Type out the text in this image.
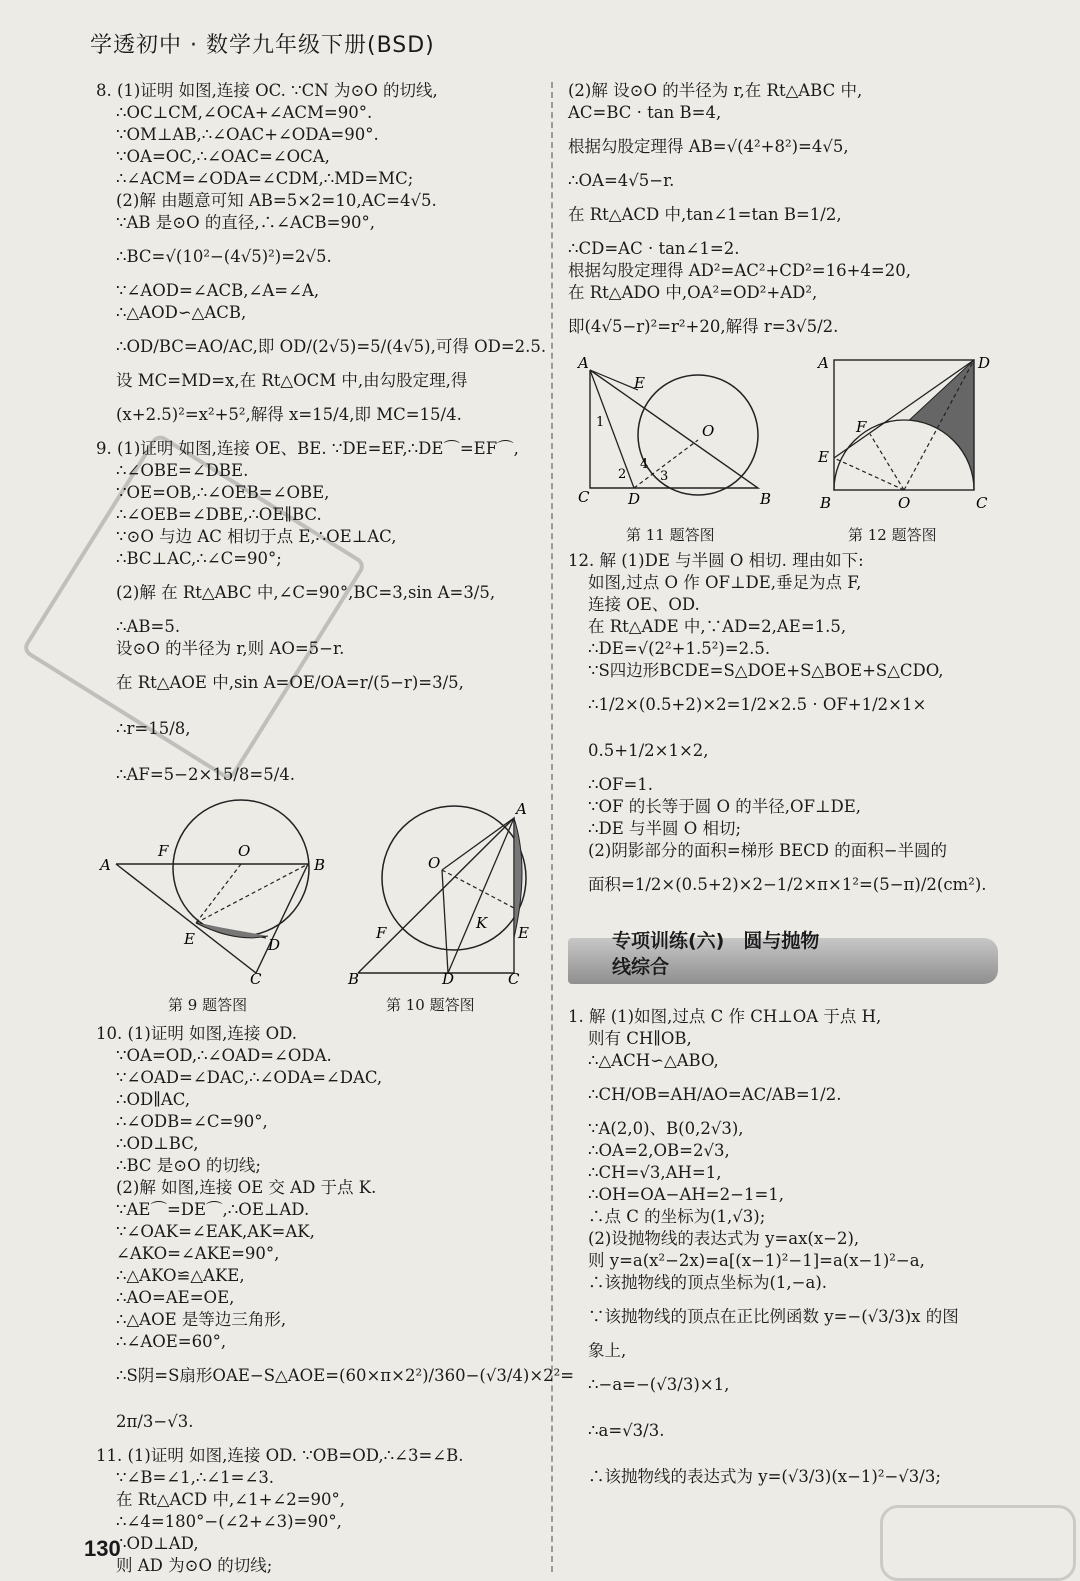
学透初中 · 数学九年级下册(BSD)
8. (1)证明 如图,连接 OC. ∵CN 为⊙O 的切线,
∴OC⊥CM,∠OCA+∠ACM=90°.
∵OM⊥AB,∴∠OAC+∠ODA=90°.
∵OA=OC,∴∠OAC=∠OCA,
∴∠ACM=∠ODA=∠CDM,∴MD=MC;
(2)解 由题意可知 AB=5×2=10,AC=4√5.
∵AB 是⊙O 的直径,∴∠ACB=90°,
∴BC=√(10²−(4√5)²)=2√5.
∵∠AOD=∠ACB,∠A=∠A,
∴△AOD∽△ACB,
∴OD/BC=AO/AC,即 OD/(2√5)=5/(4√5),可得 OD=2.5.
设 MC=MD=x,在 Rt△OCM 中,由勾股定理,得
(x+2.5)²=x²+5²,解得 x=15/4,即 MC=15/4.
9. (1)证明 如图,连接 OE、BE. ∵DE=EF,∴DE⌒=EF⌒,
∴∠OBE=∠DBE.
∵OE=OB,∴∠OEB=∠OBE,
∴∠OEB=∠DBE,∴OE∥BC.
∵⊙O 与边 AC 相切于点 E,∴OE⊥AC,
∴BC⊥AC,∴∠C=90°;
(2)解 在 Rt△ABC 中,∠C=90°,BC=3,sin A=3/5,
∴AB=5.
设⊙O 的半径为 r,则 AO=5−r.
在 Rt△AOE 中,sin A=OE/OA=r/(5−r)=3/5,
∴r=15/8,
∴AF=5−2×15/8=5/4.
A
F	O
B
E	D
C
A
O
F
K
E
B	D	C
第 9 题答图	第 10 题答图
10. (1)证明 如图,连接 OD.
∵OA=OD,∴∠OAD=∠ODA.
∵∠OAD=∠DAC,∴∠ODA=∠DAC,
∴OD∥AC,
∴∠ODB=∠C=90°,
∴OD⊥BC,
∴BC 是⊙O 的切线;
(2)解 如图,连接 OE 交 AD 于点 K.
∵AE⌒=DE⌒,∴OE⊥AD.
∵∠OAK=∠EAK,AK=AK,
∠AKO=∠AKE=90°,
∴△AKO≌△AKE,
∴AO=AE=OE,
∴△AOE 是等边三角形,
∴∠AOE=60°,
∴S阴=S扇形OAE−S△AOE=(60×π×2²)/360−(√3/4)×2²=
2π/3−√3.
11. (1)证明 如图,连接 OD. ∵OB=OD,∴∠3=∠B.
∵∠B=∠1,∴∠1=∠3.
在 Rt△ACD 中,∠1+∠2=90°,
∴∠4=180°−(∠2+∠3)=90°,
∴OD⊥AD,
则 AD 为⊙O 的切线;
(2)解 设⊙O 的半径为 r,在 Rt△ABC 中,
AC=BC · tan B=4,
根据勾股定理得 AB=√(4²+8²)=4√5,
∴OA=4√5−r.
在 Rt△ACD 中,tan∠1=tan B=1/2,
∴CD=AC · tan∠1=2.
根据勾股定理得 AD²=AC²+CD²=16+4=20,
在 Rt△ADO 中,OA²=OD²+AD²,
即(4√5−r)²=r²+20,解得 r=3√5/2.
A
E
1	O
2
4
3
C	D	B
A	D
F
E
B	O	C
第 11 题答图	第 12 题答图
12. 解 (1)DE 与半圆 O 相切. 理由如下:
如图,过点 O 作 OF⊥DE,垂足为点 F,
连接 OE、OD.
在 Rt△ADE 中,∵AD=2,AE=1.5,
∴DE=√(2²+1.5²)=2.5.
∵S四边形BCDE=S△DOE+S△BOE+S△CDO,
∴1/2×(0.5+2)×2=1/2×2.5 · OF+1/2×1×
0.5+1/2×1×2,
∴OF=1.
∵OF 的长等于圆 O 的半径,OF⊥DE,
∴DE 与半圆 O 相切;
(2)阴影部分的面积=梯形 BECD 的面积−半圆的
面积=1/2×(0.5+2)×2−1/2×π×1²=(5−π)/2(cm²).
专项训练(六)　圆与抛物
线综合
1. 解 (1)如图,过点 C 作 CH⊥OA 于点 H,
则有 CH∥OB,
∴△ACH∽△ABO,
∴CH/OB=AH/AO=AC/AB=1/2.
∵A(2,0)、B(0,2√3),
∴OA=2,OB=2√3,
∴CH=√3,AH=1,
∴OH=OA−AH=2−1=1,
∴点 C 的坐标为(1,√3);
(2)设抛物线的表达式为 y=ax(x−2),
则 y=a(x²−2x)=a[(x−1)²−1]=a(x−1)²−a,
∴该抛物线的顶点坐标为(1,−a).
∵该抛物线的顶点在正比例函数 y=−(√3/3)x 的图
象上,
∴−a=−(√3/3)×1,
∴a=√3/3.
∴该抛物线的表达式为 y=(√3/3)(x−1)²−√3/3;
130
